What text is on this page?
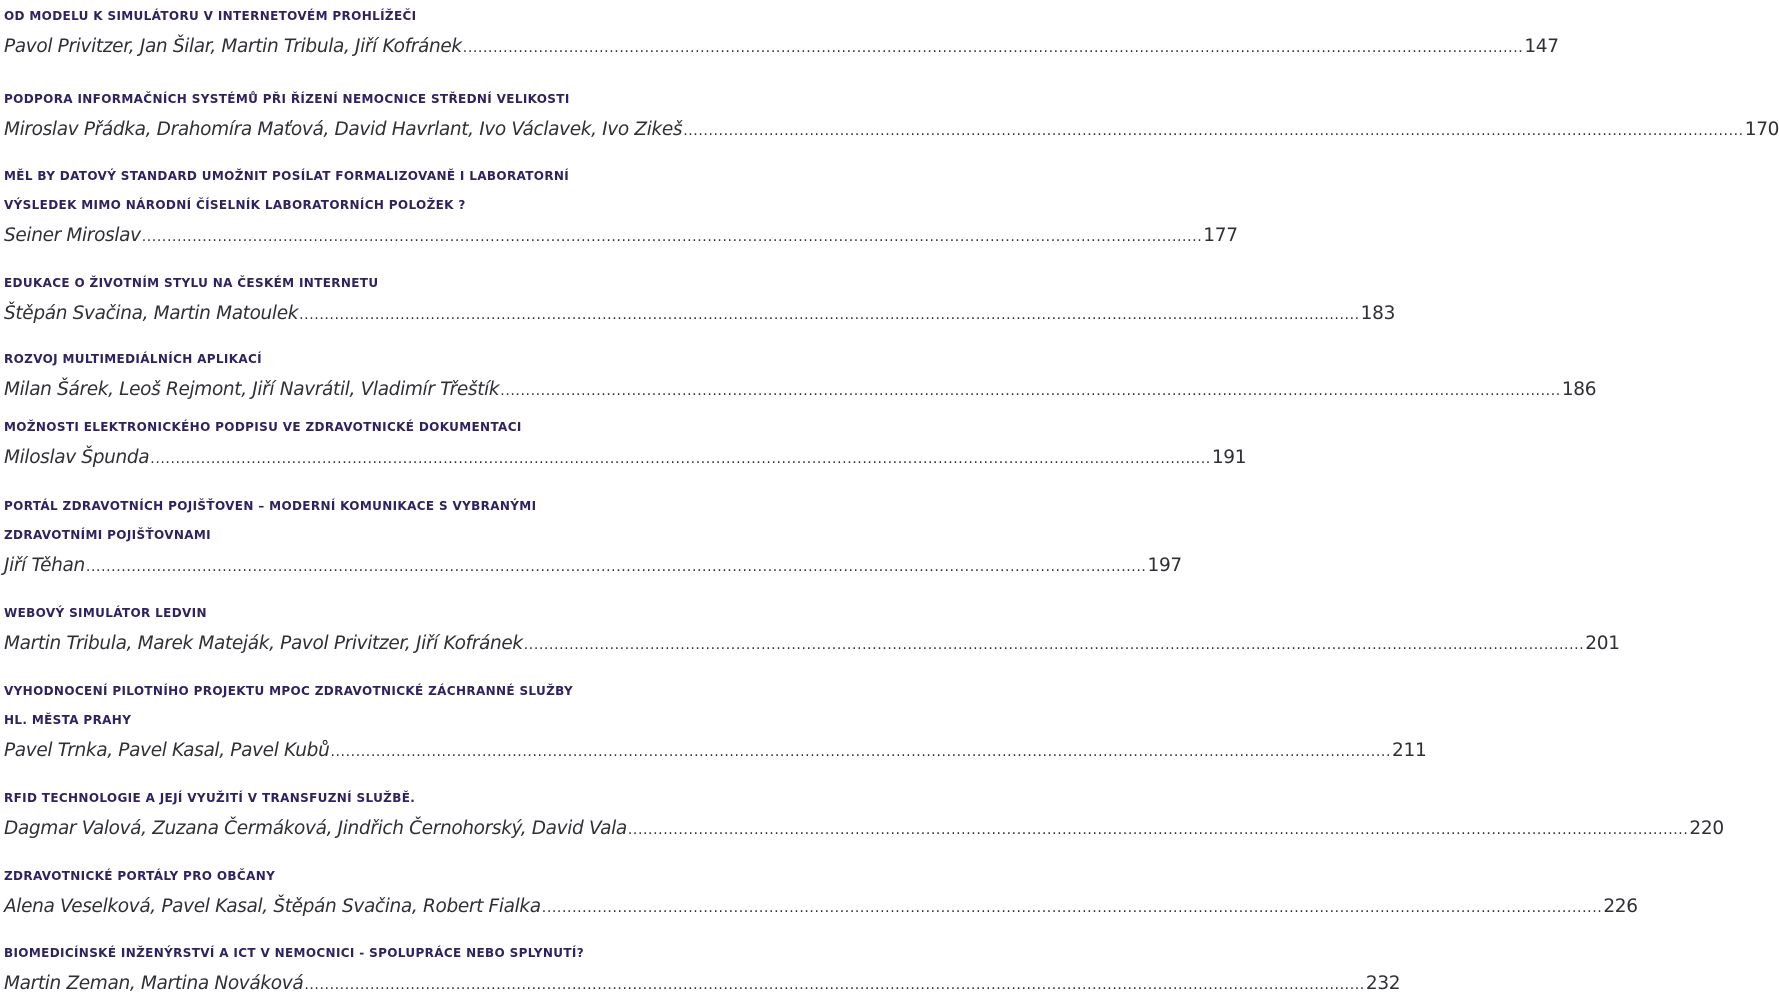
OD MODELU K SIMULÁTORU V INTERNETOVÉM PROHLÍŽEČI
Pavol Privitzer, Jan Šilar, Martin Tribula, Jiří Kofránek .................................................................................................................................................................................................................. 147
PODPORA INFORMAČNÍCH SYSTÉMŮ PŘI ŘÍZENÍ NEMOCNICE STŘEDNÍ VELIKOSTI
Miroslav Přádka, Drahomíra Maťová, David Havrlant, Ivo Václavek, Ivo Zikeš .................................................................................................................................................................................................................. 170
MĚL BY DATOVÝ STANDARD UMOŽNIT POSÍLAT FORMALIZOVANĚ I LABORATORNÍ
VÝSLEDEK MIMO NÁRODNÍ ČÍSELNÍK LABORATORNÍCH POLOŽEK ?
Seiner Miroslav .................................................................................................................................................................................................................. 177
EDUKACE O ŽIVOTNÍM STYLU NA ČESKÉM INTERNETU
Štěpán Svačina, Martin Matoulek .................................................................................................................................................................................................................. 183
ROZVOJ MULTIMEDIÁLNÍCH APLIKACÍ
Milan Šárek, Leoš Rejmont, Jiří Navrátil, Vladimír Třeštík .................................................................................................................................................................................................................. 186
MOŽNOSTI ELEKTRONICKÉHO PODPISU VE ZDRAVOTNICKÉ DOKUMENTACI
Miloslav Špunda .................................................................................................................................................................................................................. 191
PORTÁL ZDRAVOTNÍCH POJIŠŤOVEN – MODERNÍ KOMUNIKACE S VYBRANÝMI
ZDRAVOTNÍMI POJIŠŤOVNAMI
Jiří Těhan .................................................................................................................................................................................................................. 197
WEBOVÝ SIMULÁTOR LEDVIN
Martin Tribula, Marek Mateják, Pavol Privitzer, Jiří Kofránek .................................................................................................................................................................................................................. 201
VYHODNOCENÍ PILOTNÍHO PROJEKTU MPOC ZDRAVOTNICKÉ ZÁCHRANNÉ SLUŽBY
HL. MĚSTA PRAHY
Pavel Trnka, Pavel Kasal, Pavel Kubů .................................................................................................................................................................................................................. 211
RFID TECHNOLOGIE A JEJÍ VYUŽITÍ V TRANSFUZNÍ SLUŽBĚ.
Dagmar Valová, Zuzana Čermáková, Jindřich Černohorský, David Vala .................................................................................................................................................................................................................. 220
ZDRAVOTNICKÉ PORTÁLY PRO OBČANY
Alena Veselková, Pavel Kasal, Štěpán Svačina, Robert Fialka .................................................................................................................................................................................................................. 226
BIOMEDICÍNSKÉ INŽENÝRSTVÍ A ICT V NEMOCNICI - SPOLUPRÁCE NEBO SPLYNUTÍ?
Martin Zeman, Martina Nováková .................................................................................................................................................................................................................. 232
